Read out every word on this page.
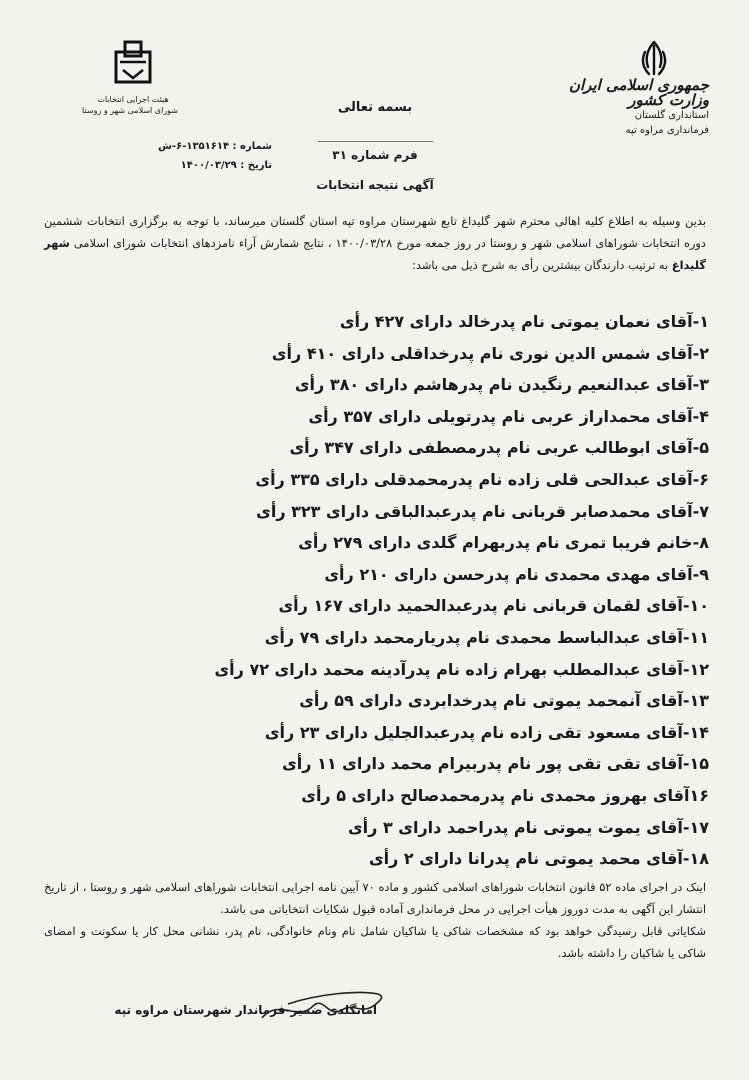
جمهوری اسلامی ایران
وزارت کشور
استانداری گلستان
فرمانداری مراوه تپه
هیئت اجرایی انتخابات
شورای اسلامی شهر و روستا	بسمه تعالی
فرم شماره ۳۱
آگهی نتیجه انتخابات
شماره : ۱۳۵۱۶۱۴-۶-ش
تاریخ : ۱۴۰۰/۰۳/۲۹
بدین وسیله به اطلاع کلیه اهالی محترم شهر گلیداغ تابع شهرستان مراوه تپه استان گلستان میرساند، با توجه به برگزاری انتخابات ششمین دوره انتخابات شوراهای اسلامی شهر و روستا در روز جمعه مورخ ۱۴۰۰/۰۳/۲۸ ، نتایج شمارش آراء نامزدهای انتخابات شورای اسلامی شهر گلیداغ به ترتیب دارندگان بیشترین رأی به شرح ذیل می باشد:
۱-آقای نعمان یموتی نام پدرخالد دارای ۴۲۷ رأی
۲-آقای شمس الدین نوری نام پدرخداقلی دارای ۴۱۰ رأی
۳-آقای عبدالنعیم رنگیدن نام پدرهاشم دارای ۳۸۰ رأی
۴-آقای محمداراز عربی نام پدرتویلی دارای ۳۵۷ رأی
۵-آقای ابوطالب عربی نام پدرمصطفی دارای ۳۴۷ رأی
۶-آقای عبدالحی قلی زاده نام پدرمحمدقلی دارای ۳۳۵ رأی
۷-آقای محمدصابر قربانی نام پدرعبدالباقی دارای ۳۲۳ رأی
۸-خانم فریبا تمری نام پدربهرام گلدی دارای ۲۷۹ رأی
۹-آقای مهدی محمدی نام پدرحسن دارای ۲۱۰ رأی
۱۰-آقای لقمان قربانی نام پدرعبدالحمید دارای ۱۶۷ رأی
۱۱-آقای عبدالباسط محمدی نام پدریارمحمد دارای ۷۹ رأی
۱۲-آقای عبدالمطلب بهرام زاده نام پدرآدینه محمد دارای ۷۲ رأی
۱۳-آقای آنمحمد یموتی نام پدرخدابردی دارای ۵۹ رأی
۱۴-آقای مسعود تقی زاده نام پدرعبدالجلیل دارای ۲۳ رأی
۱۵-آقای تقی تقی پور نام پدربیرام محمد دارای ۱۱ رأی
۱۶آقای بهروز محمدی نام پدرمحمدصالح دارای ۵ رأی
۱۷-آقای یموت یموتی نام پدراحمد دارای ۳ رأی
۱۸-آقای محمد یموتی نام پدرانا دارای ۲ رأی
اینک در اجرای ماده ۵۲ قانون انتخابات شوراهای اسلامی کشور و ماده ۷۰ آیین نامه اجرایی انتخابات شوراهای اسلامی شهر و روستا ، از تاریخ انتشار این آگهی به مدت دوروز هیأت اجرایی در محل فرمانداری آماده قبول شکایات انتخاباتی می باشد.
شکایاتی قابل رسیدگی خواهد بود که مشخصات شاکی یا شاکیان شامل نام ونام خانوادگی، نام پدر، نشانی محل کار یا سکونت و امضای شاکی یا شاکیان را داشته باشد.
امانگلدی ضمیر-فرماندار شهرستان مراوه تپه
